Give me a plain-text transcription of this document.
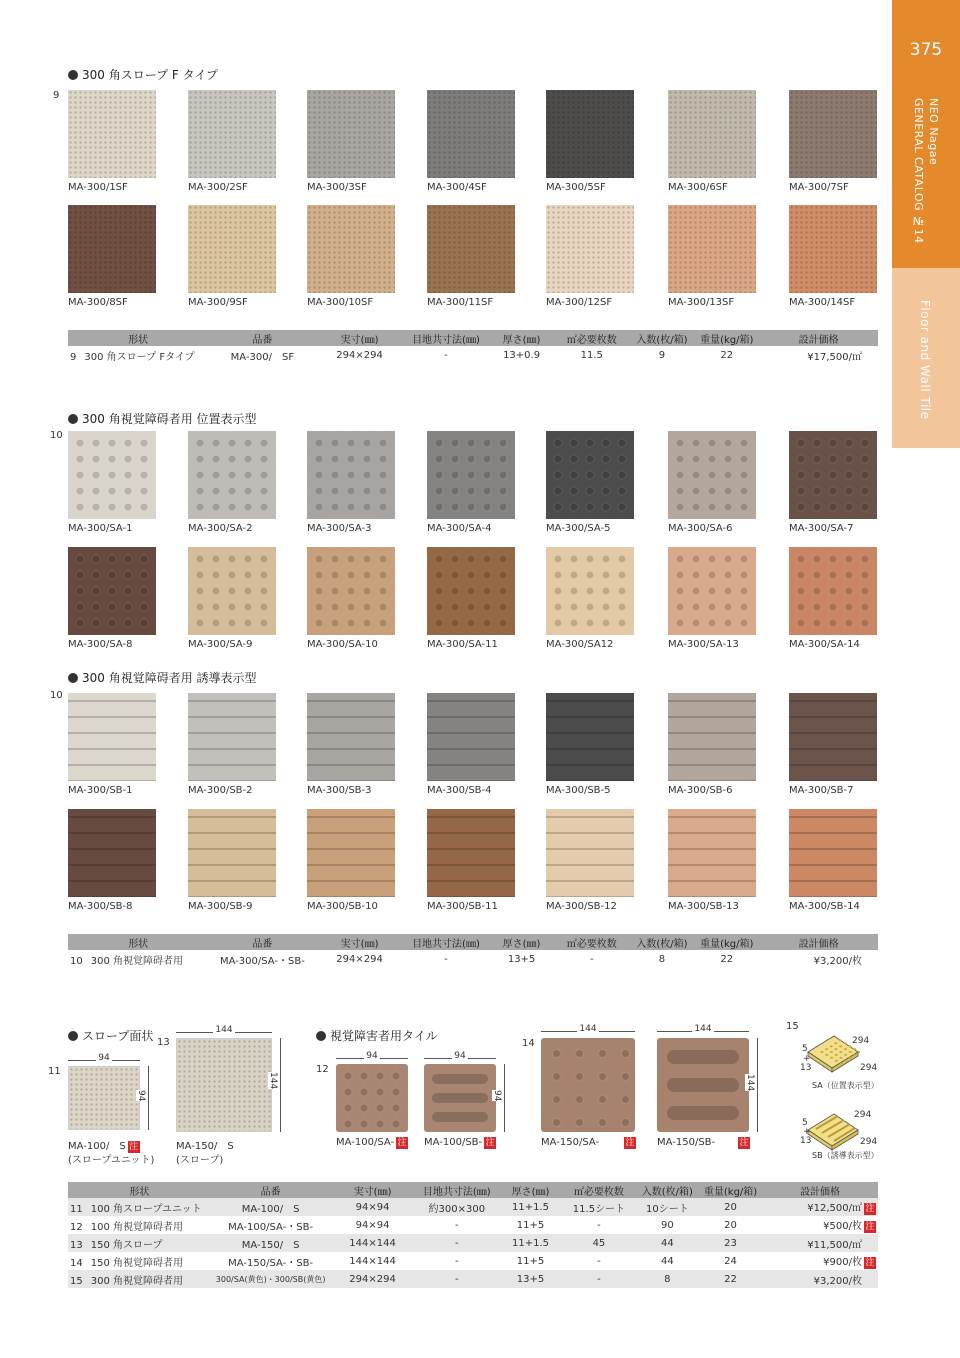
375
NEO Nagae
GENERAL CATALOG №14
Floor and Wall Tile
300 角スロープ F タイプ
9
MA-300/1SF	MA-300/2SF	MA-300/3SF	MA-300/4SF	MA-300/5SF	MA-300/6SF	MA-300/7SF
MA-300/8SF	MA-300/9SF	MA-300/10SF	MA-300/11SF	MA-300/12SF	MA-300/13SF	MA-300/14SF
形状	品番	実寸(㎜)	目地共寸法(㎜)	厚さ(㎜)	㎡必要枚数	入数(枚/箱)	重量(kg/箱)	設計価格
9 300 角スロープ Fタイプ	MA-300/　SF	294×294	-	13+0.9	11.5	9	22	¥17,500/㎡
300 角視覚障碍者用 位置表示型
10
MA-300/SA-1	MA-300/SA-2	MA-300/SA-3	MA-300/SA-4	MA-300/SA-5	MA-300/SA-6	MA-300/SA-7
MA-300/SA-8	MA-300/SA-9	MA-300/SA-10	MA-300/SA-11	MA-300/SA12	MA-300/SA-13	MA-300/SA-14
300 角視覚障碍者用 誘導表示型
10
MA-300/SB-1	MA-300/SB-2	MA-300/SB-3	MA-300/SB-4	MA-300/SB-5	MA-300/SB-6	MA-300/SB-7
MA-300/SB-8	MA-300/SB-9	MA-300/SB-10	MA-300/SB-11	MA-300/SB-12	MA-300/SB-13	MA-300/SB-14
形状	品番	実寸(㎜)	目地共寸法(㎜)	厚さ(㎜)	㎡必要枚数	入数(枚/箱)	重量(kg/箱)	設計価格
10 300 角視覚障碍者用	MA-300/SA-・SB-	294×294	-	13+5	-	8	22	¥3,200/枚
スロープ面状	視覚障害者用タイル
11
13
12
14
15
94
94
MA-100/　S 注
(スロープユニット)
144
144
MA-150/　S
(スロープ)
94	94
94
MA-100/SA- 注 MA-100/SB- 注
144	144
144
MA-150/SA-	注 MA-150/SB-	注
294
294
5
+
13
SA（位置表示型）
294
294
5
+
13
SB（誘導表示型）
形状	品番	実寸(㎜)	目地共寸法(㎜)	厚さ(㎜)	㎡必要枚数	入数(枚/箱)	重量(kg/箱)	設計価格
11 100 角スロープユニット	MA-100/　S	94×94	約300×300	11+1.5	11.5シート	10シート	20	¥12,500/㎡ 注
12 100 角視覚障碍者用	MA-100/SA-・SB-	94×94	-	11+5	-	90	20	¥500/枚 注
13 150 角スロープ	MA-150/　S	144×144	-	11+1.5	45	44	23	¥11,500/㎡
14 150 角視覚障碍者用	MA-150/SA-・SB-	144×144	-	11+5	-	44	24	¥900/枚 注
15 300 角視覚障碍者用	300/SA(黄色)・300/SB(黄色)	294×294	-	13+5	-	8	22	¥3,200/枚
